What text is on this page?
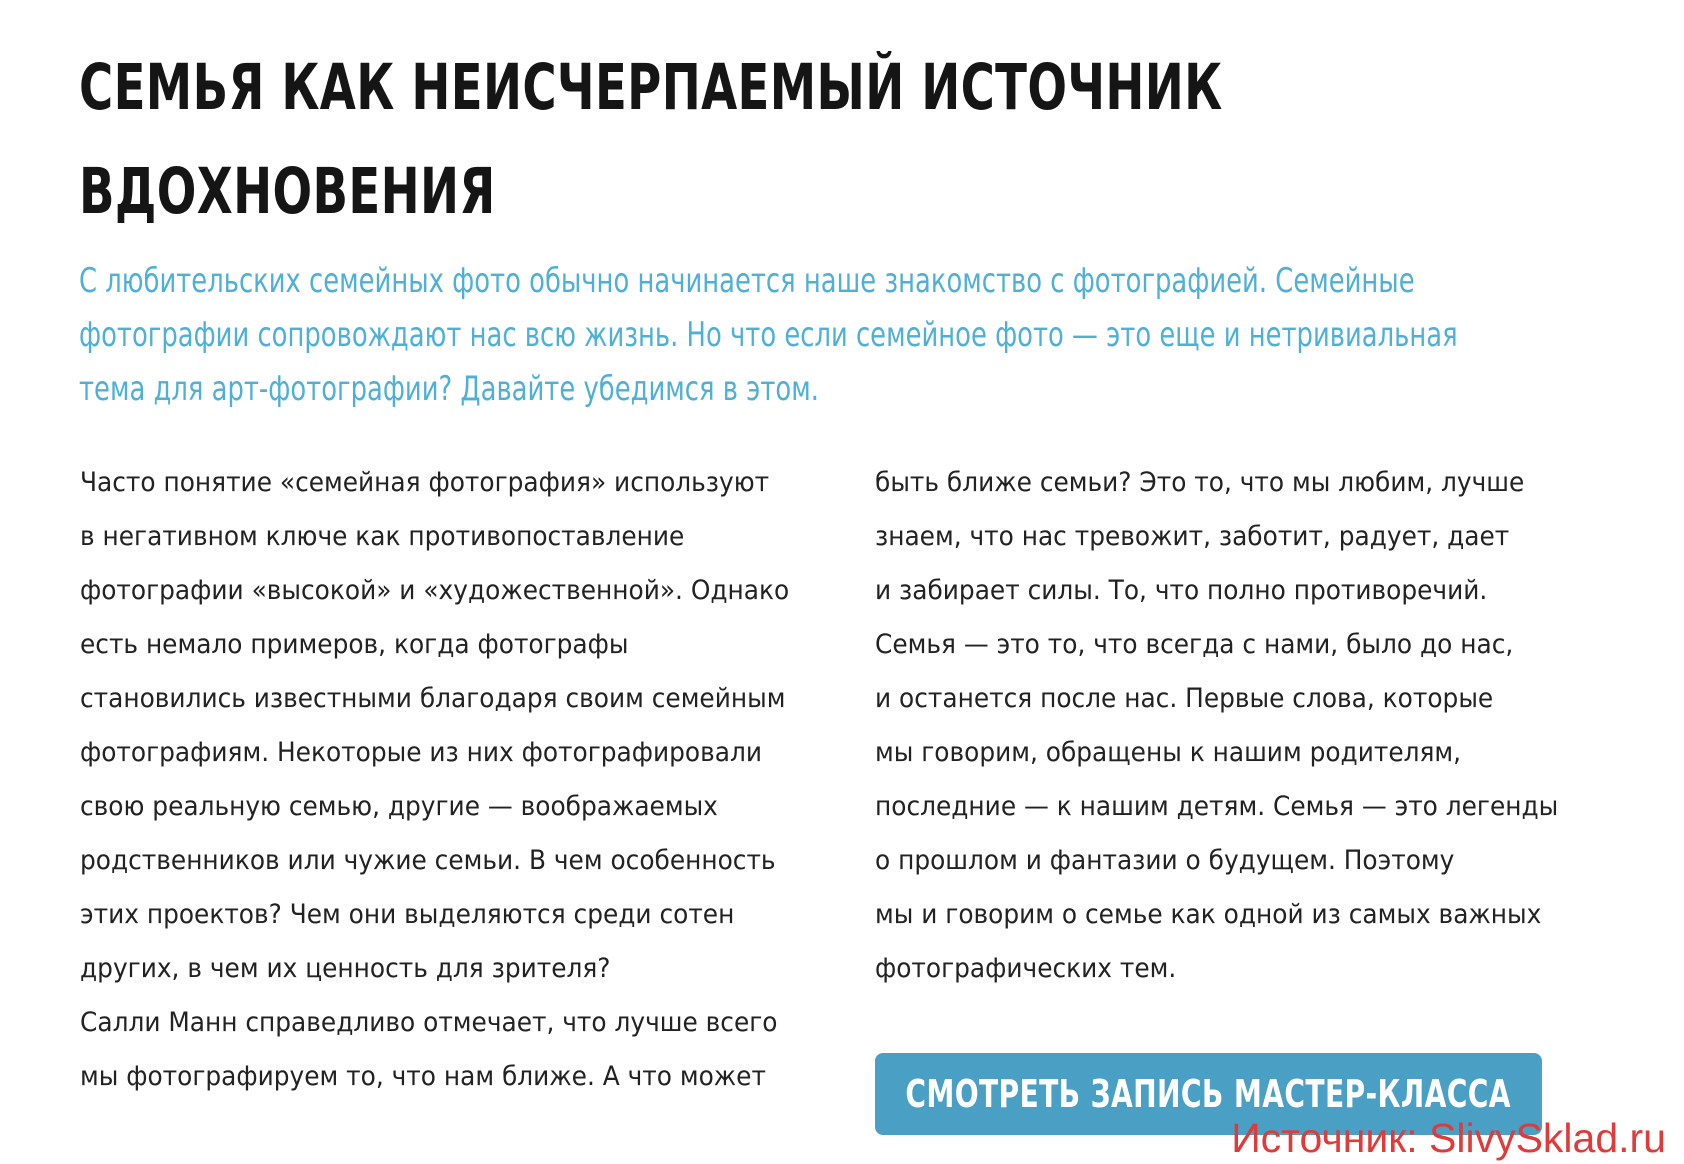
СЕМЬЯ КАК НЕИСЧЕРПАЕМЫЙ ИСТОЧНИК
ВДОХНОВЕНИЯ

С любительских семейных фото обычно начинается наше знакомство с фотографией. Семейные
фотографии сопровождают нас всю жизнь. Но что если семейное фото — это еще и нетривиальная
тема для арт-фотографии? Давайте убедимся в этом.

Часто понятие «семейная фотография» используют
в негативном ключе как противопоставление
фотографии «высокой» и «художественной». Однако
есть немало примеров, когда фотографы
становились известными благодаря своим семейным
фотографиям. Некоторые из них фотографировали
свою реальную семью, другие — воображаемых
родственников или чужие семьи. В чем особенность
этих проектов? Чем они выделяются среди сотен
других, в чем их ценность для зрителя?
Салли Манн справедливо отмечает, что лучше всего
мы фотографируем то, что нам ближе. А что может
быть ближе семьи? Это то, что мы любим, лучше
знаем, что нас тревожит, заботит, радует, дает
и забирает силы. То, что полно противоречий.
Семья — это то, что всегда с нами, было до нас,
и останется после нас. Первые слова, которые
мы говорим, обращены к нашим родителям,
последние — к нашим детям. Семья — это легенды
о прошлом и фантазии о будущем. Поэтому
мы и говорим о семье как одной из самых важных
фотографических тем.
СМОТРЕТЬ ЗАПИСЬ МАСТЕР-КЛАССА
Источник: SlivySklad.ru
